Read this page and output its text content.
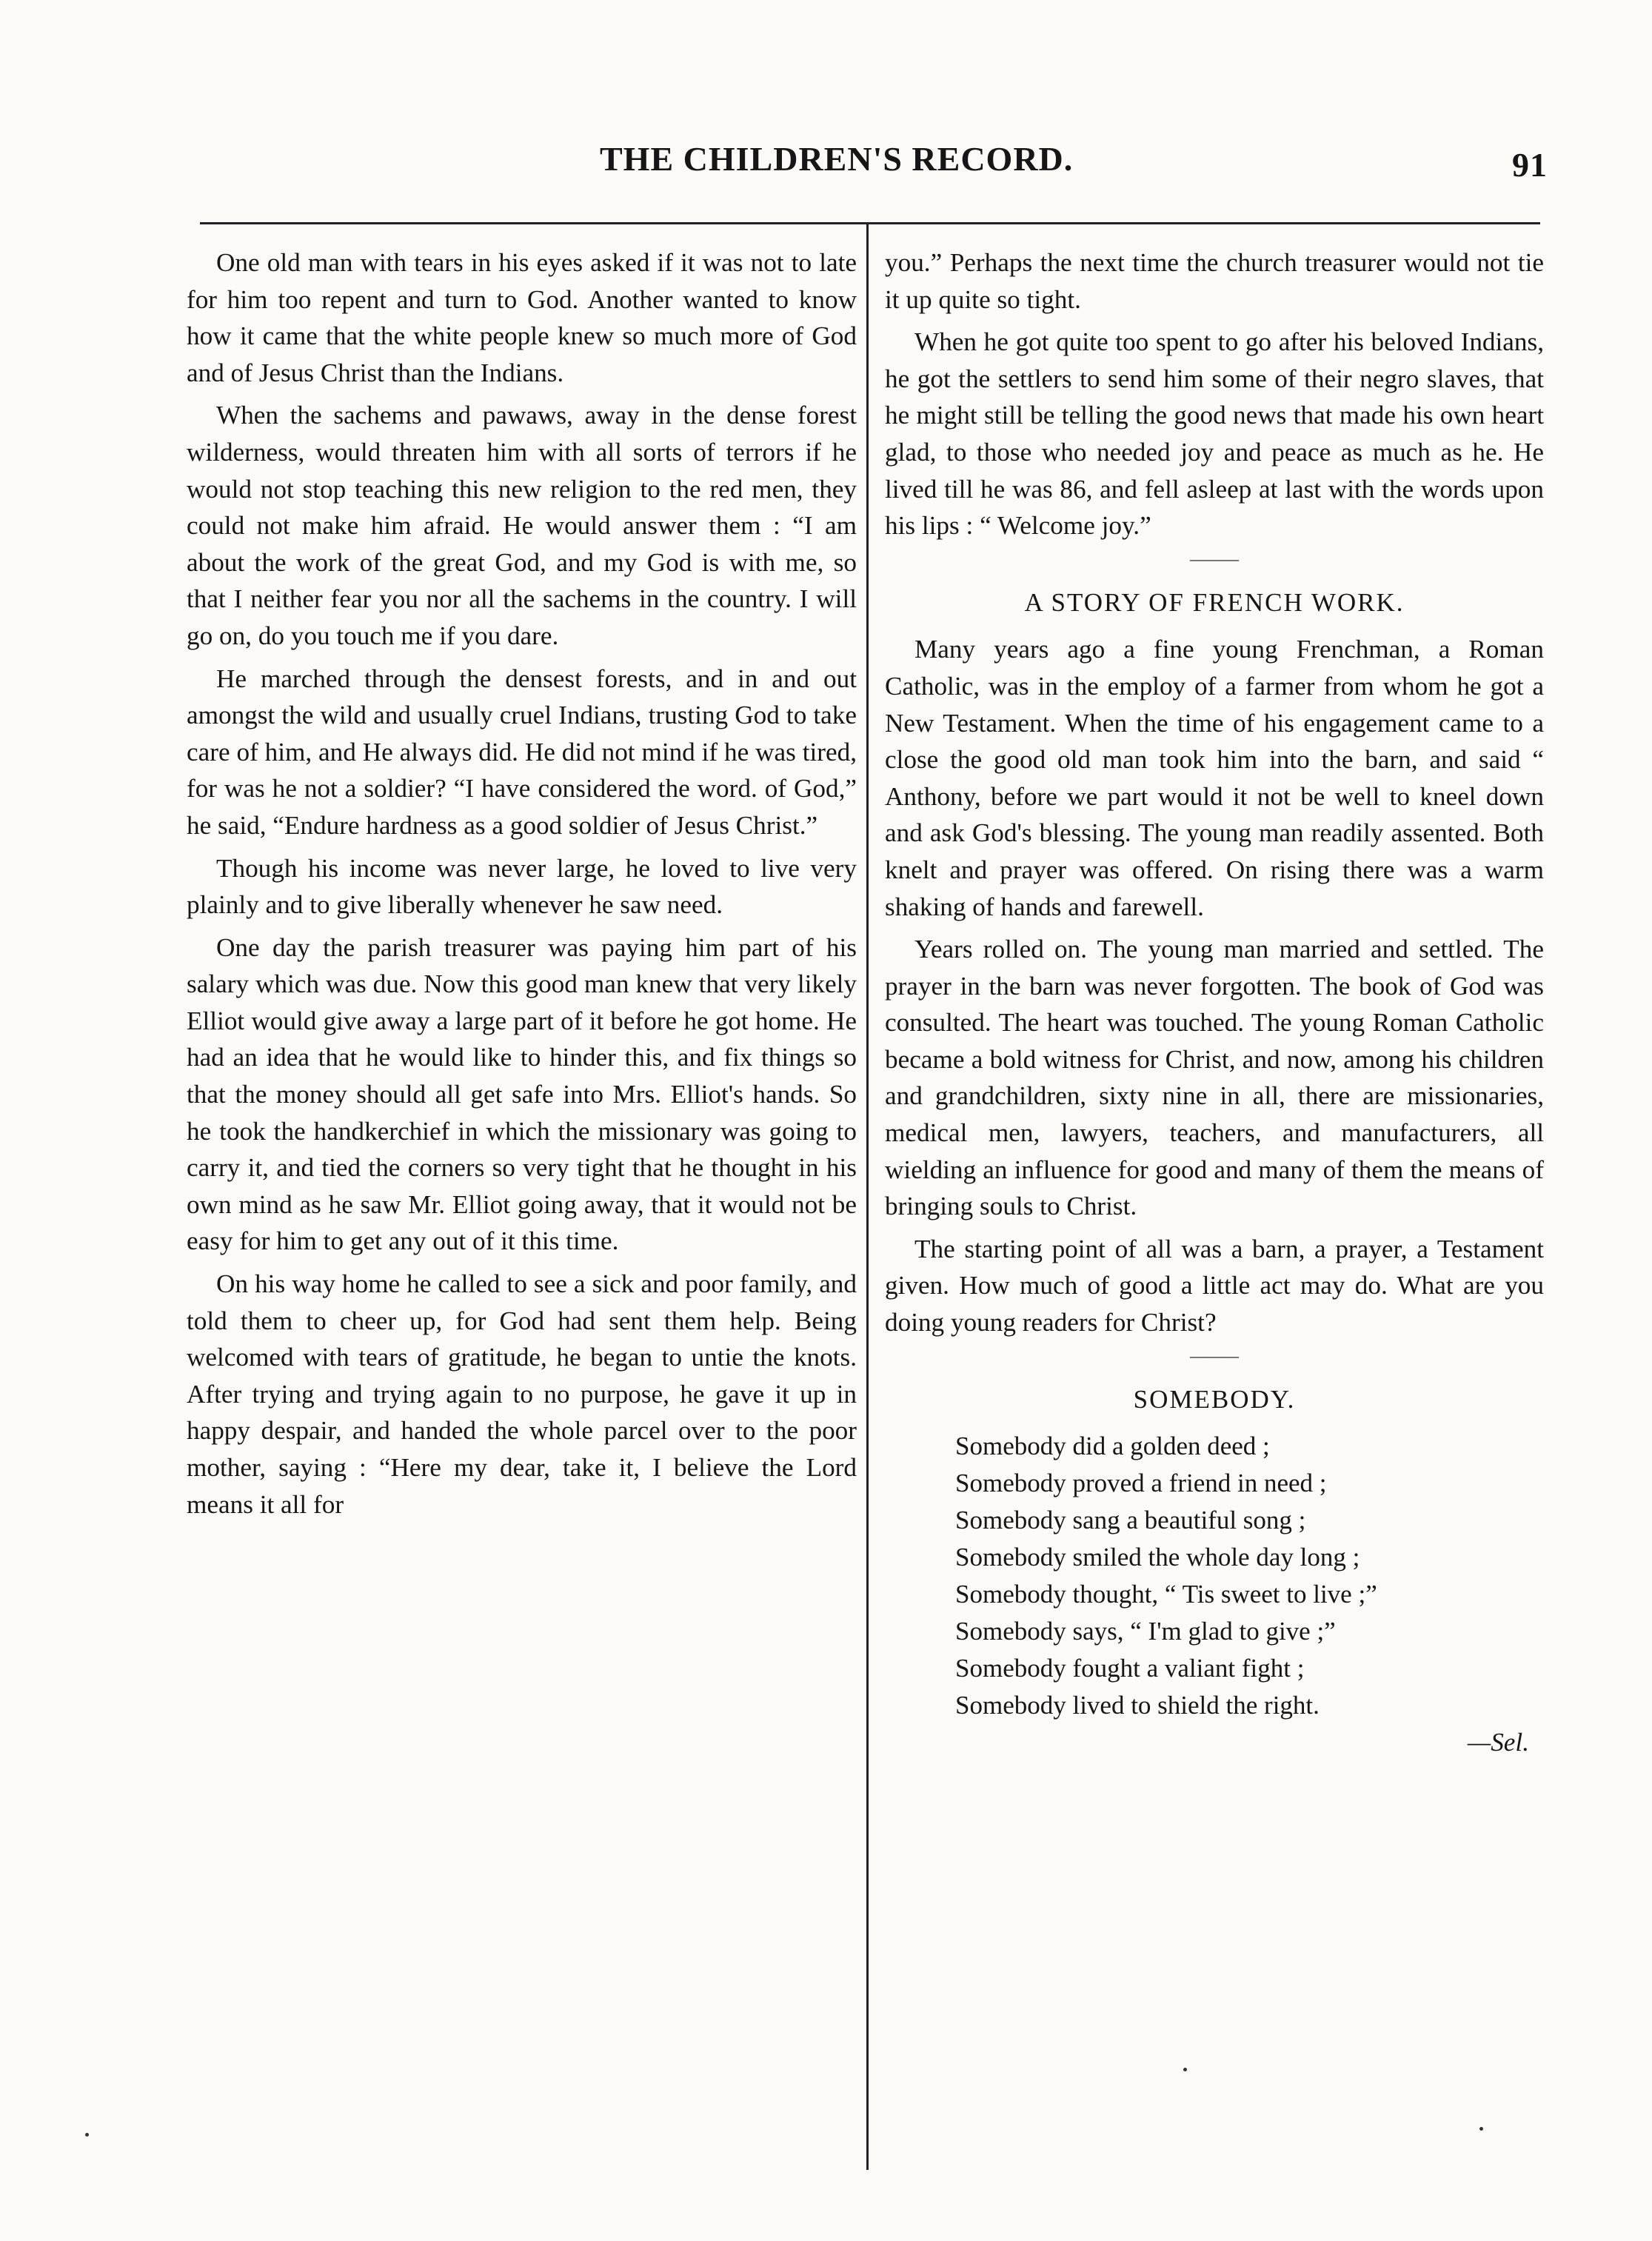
THE CHILDREN'S RECORD.	91

One old man with tears in his eyes asked if it was not to late for him too repent and turn to God. Another wanted to know how it came that the white people knew so much more of God and of Jesus Christ than the Indians.

When the sachems and pawaws, away in the dense forest wilderness, would threaten him with all sorts of terrors if he would not stop teaching this new religion to the red men, they could not make him afraid. He would answer them : “I am about the work of the great God, and my God is with me, so that I neither fear you nor all the sachems in the country. I will go on, do you touch me if you dare.

He marched through the densest forests, and in and out amongst the wild and usually cruel Indians, trusting God to take care of him, and He always did. He did not mind if he was tired, for was he not a soldier? “I have considered the word. of God,” he said, “Endure hardness as a good soldier of Jesus Christ.”

Though his income was never large, he loved to live very plainly and to give liberally whenever he saw need.

One day the parish treasurer was paying him part of his salary which was due. Now this good man knew that very likely Elliot would give away a large part of it before he got home. He had an idea that he would like to hinder this, and fix things so that the money should all get safe into Mrs. Elliot's hands. So he took the handkerchief in which the missionary was going to carry it, and tied the corners so very tight that he thought in his own mind as he saw Mr. Elliot going away, that it would not be easy for him to get any out of it this time.

On his way home he called to see a sick and poor family, and told them to cheer up, for God had sent them help. Being welcomed with tears of gratitude, he began to untie the knots. After trying and trying again to no purpose, he gave it up in happy despair, and handed the whole parcel over to the poor mother, saying : “Here my dear, take it, I believe the Lord means it all for

you.” Perhaps the next time the church treasurer would not tie it up quite so tight.

When he got quite too spent to go after his beloved Indians, he got the settlers to send him some of their negro slaves, that he might still be telling the good news that made his own heart glad, to those who needed joy and peace as much as he. He lived till he was 86, and fell asleep at last with the words upon his lips : “ Welcome joy.”

———
A STORY OF FRENCH WORK.

Many years ago a fine young Frenchman, a Roman Catholic, was in the employ of a farmer from whom he got a New Testament. When the time of his engagement came to a close the good old man took him into the barn, and said “ Anthony, before we part would it not be well to kneel down and ask God's blessing. The young man readily assented. Both knelt and prayer was offered. On rising there was a warm shaking of hands and farewell.

Years rolled on. The young man married and settled. The prayer in the barn was never forgotten. The book of God was consulted. The heart was touched. The young Roman Catholic became a bold witness for Christ, and now, among his children and grandchildren, sixty nine in all, there are missionaries, medical men, lawyers, teachers, and manufacturers, all wielding an influence for good and many of them the means of bringing souls to Christ.

The starting point of all was a barn, a prayer, a Testament given. How much of good a little act may do. What are you doing young readers for Christ?

———
SOMEBODY.
Somebody did a golden deed ;
Somebody proved a friend in need ;
Somebody sang a beautiful song ;
Somebody smiled the whole day long ;
Somebody thought, “ Tis sweet to live ;”
Somebody says, “ I'm glad to give ;”
Somebody fought a valiant fight ;
Somebody lived to shield the right.
—Sel.
